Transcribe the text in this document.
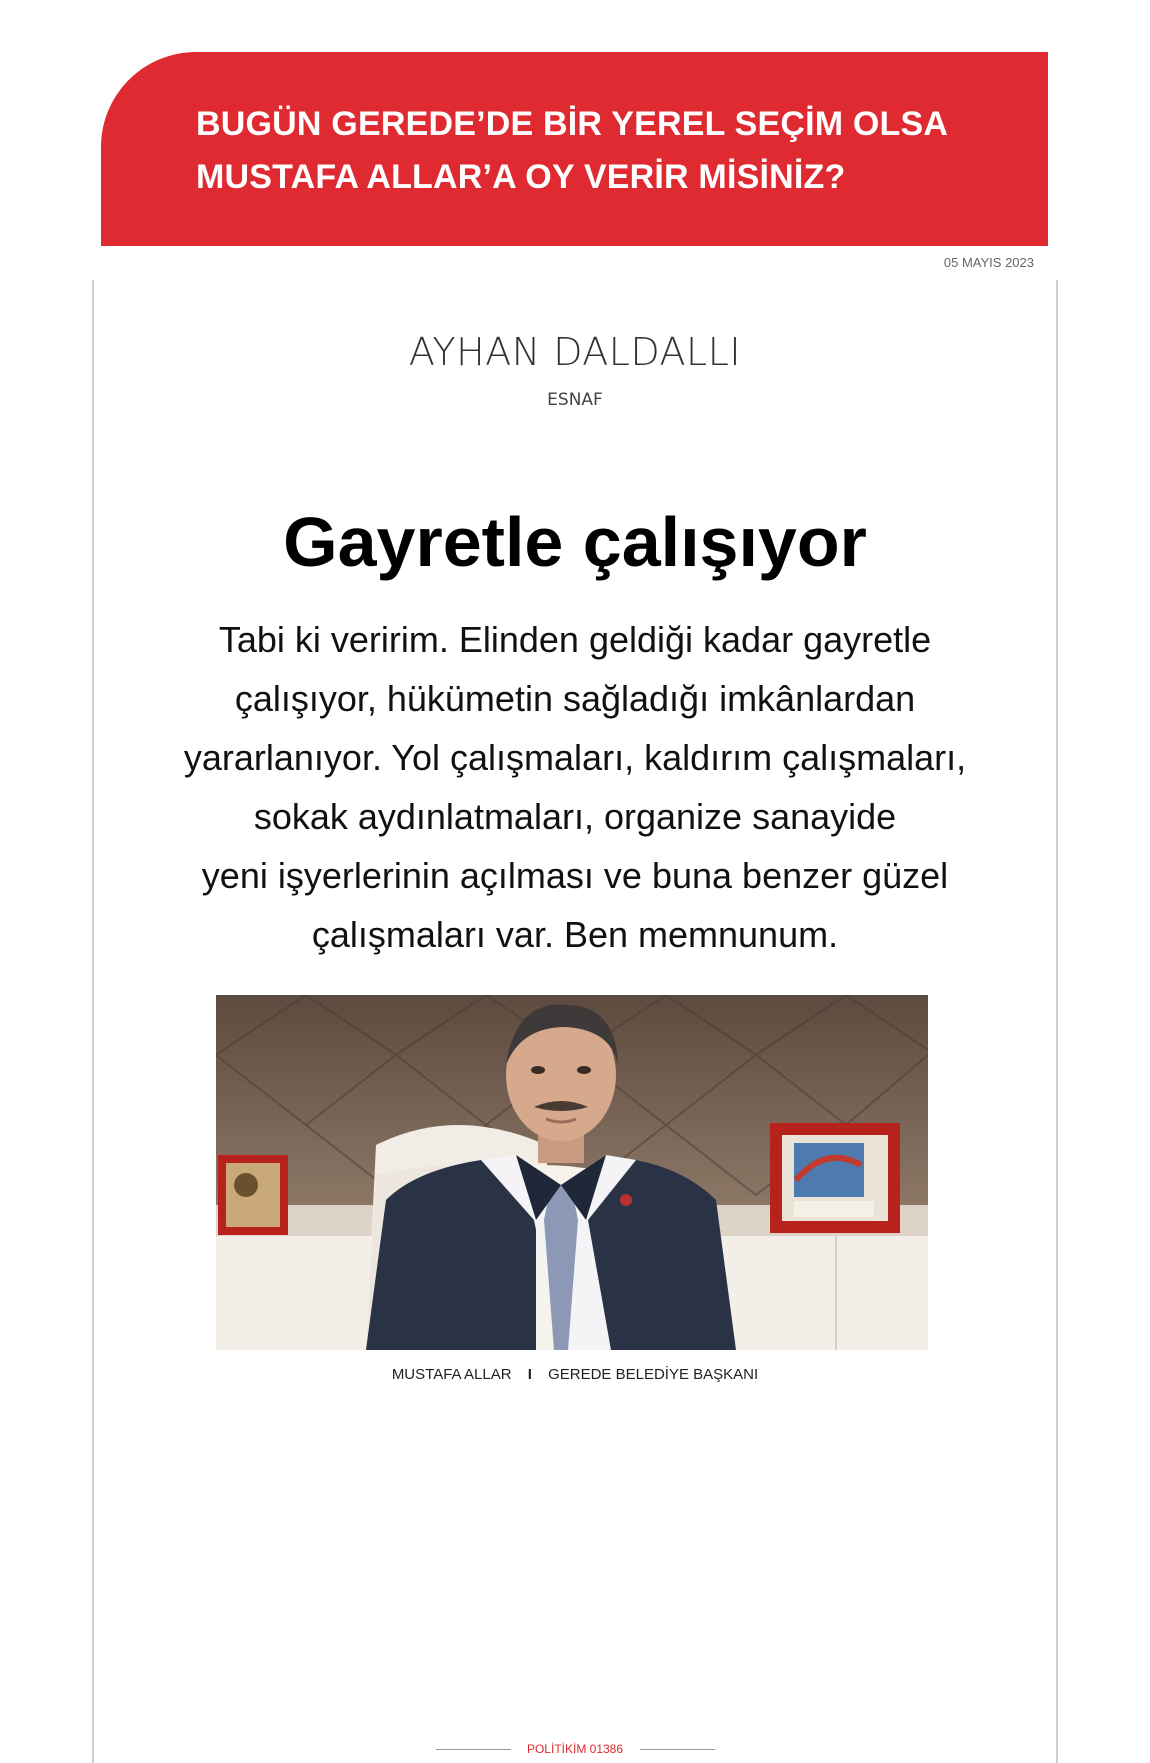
BUGÜN GEREDE’DE BİR YEREL SEÇİM OLSA
MUSTAFA ALLAR’A OY VERİR MİSİNİZ?
05 MAYIS 2023
AYHAN DALDALLI
ESNAF
Gayretle çalışıyor
Tabi ki veririm. Elinden geldiği kadar gayretle
çalışıyor, hükümetin sağladığı imkânlardan
yararlanıyor. Yol çalışmaları, kaldırım çalışmaları,
sokak aydınlatmaları, organize sanayide
yeni işyerlerinin açılması ve buna benzer güzel
çalışmaları var. Ben memnunum.
MUSTAFA ALLAR I GEREDE BELEDİYE BAŞKANI
POLİTİKİM 01386
